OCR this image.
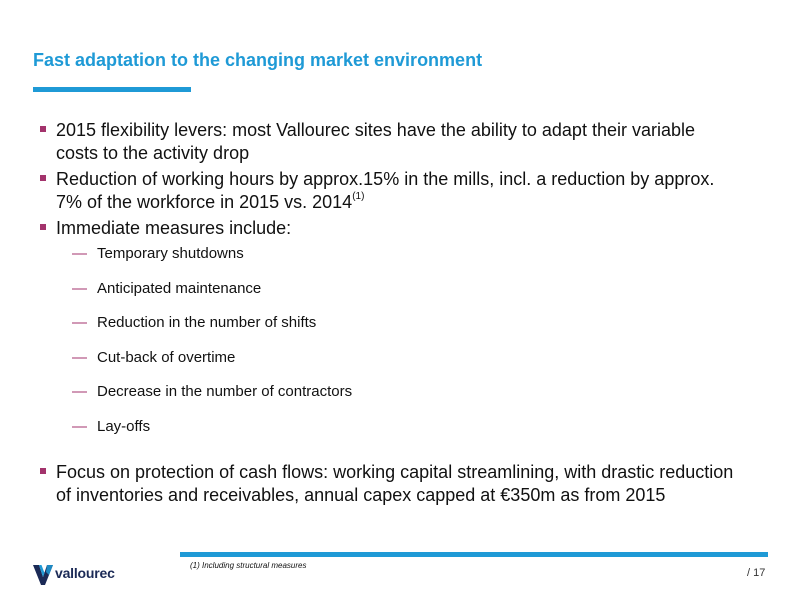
Fast adaptation to the changing market environment
2015 flexibility levers: most Vallourec sites have the ability to adapt their variable costs to the activity drop
Reduction of working hours by approx.15% in the mills, incl. a reduction by approx. 7% of the workforce in 2015 vs. 2014$^{(1)}$
Immediate measures include:
— Temporary shutdowns
— Anticipated maintenance
— Reduction in the number of shifts
— Cut-back of overtime
— Decrease in the number of contractors
— Lay-offs
Focus on protection of cash flows: working capital streamlining, with drastic reduction of inventories and receivables, annual capex capped at €350m as from 2015
vallourec	(1) Including structural measures
/ 17
